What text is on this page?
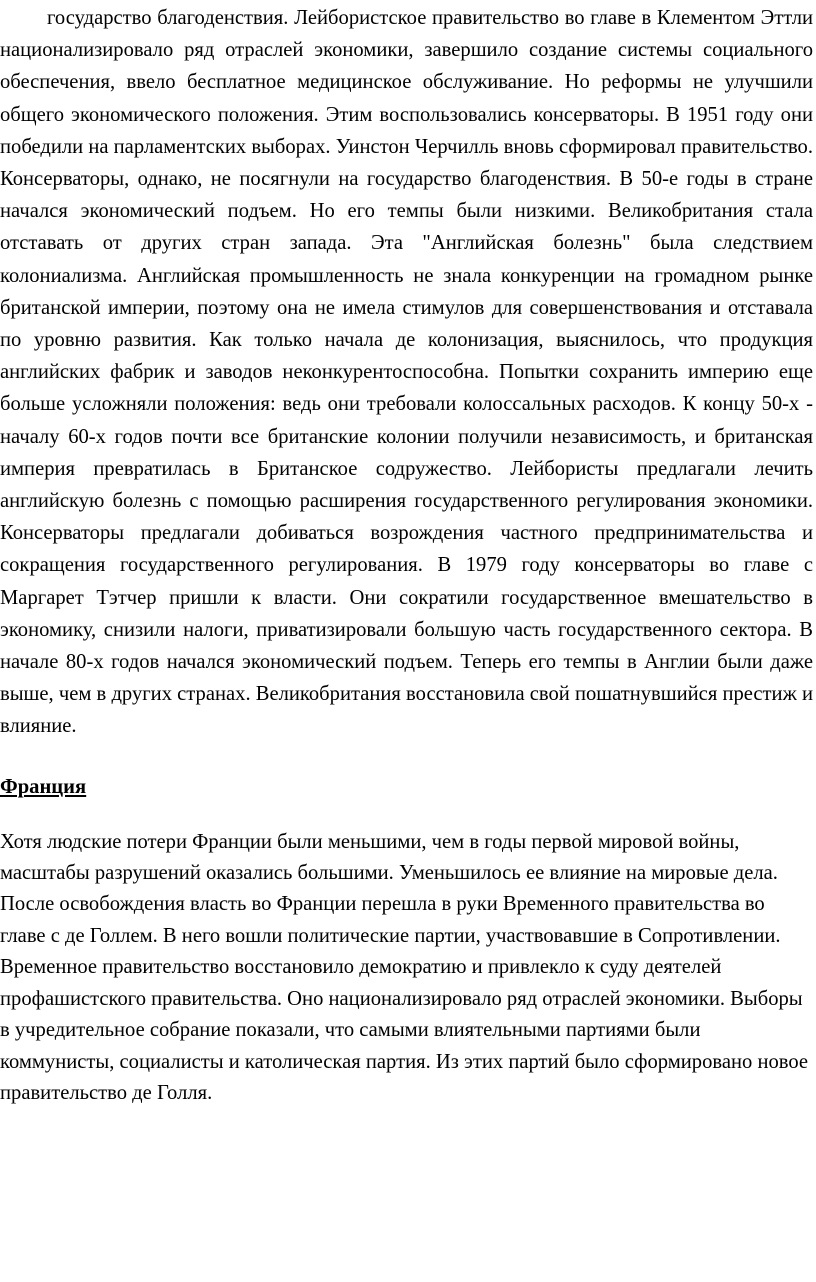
государство благоденствия. Лейбористское правительство во главе в Клементом Эттли национализировало ряд отраслей экономики, завершило создание системы социального обеспечения, ввело бесплатное медицинское обслуживание. Но реформы не улучшили общего экономического положения. Этим воспользовались консерваторы. В 1951 году они победили на парламентских выборах. Уинстон Черчилль вновь сформировал правительство. Консерваторы, однако, не посягнули на государство благоденствия. В 50-е годы в стране начался экономический подъем. Но его темпы были низкими. Великобритания стала отставать от других стран запада. Эта "Английская болезнь" была следствием колониализма. Английская промышленность не знала конкуренции на громадном рынке британской империи, поэтому она не имела стимулов для совершенствования и отставала по уровню развития. Как только начала де колонизация, выяснилось, что продукция английских фабрик и заводов неконкурентоспособна. Попытки сохранить империю еще больше усложняли положения: ведь они требовали колоссальных расходов. К концу 50-х - началу 60-х годов почти все британские колонии получили независимость, и британская империя превратилась в Британское содружество. Лейбористы предлагали лечить английскую болезнь с помощью расширения государственного регулирования экономики. Консерваторы предлагали добиваться возрождения частного предпринимательства и сокращения государственного регулирования. В 1979 году консерваторы во главе с Маргарет Тэтчер пришли к власти. Они сократили государственное вмешательство в экономику, снизили налоги, приватизировали большую часть государственного сектора. В начале 80-х годов начался экономический подъем. Теперь его темпы в Англии были даже выше, чем в других странах. Великобритания восстановила свой пошатнувшийся престиж и влияние.

Франция

Хотя людские потери Франции были меньшими, чем в годы первой мировой войны, масштабы разрушений оказались большими. Уменьшилось ее влияние на мировые дела. После освобождения власть во Франции перешла в руки Временного правительства во главе с де Голлем. В него вошли политические партии, участвовавшие в Сопротивлении. Временное правительство восстановило демократию и привлекло к суду деятелей профашистского правительства. Оно национализировало ряд отраслей экономики. Выборы в учредительное собрание показали, что самыми влиятельными партиями были коммунисты, социалисты и католическая партия. Из этих партий было сформировано новое правительство де Голля.
